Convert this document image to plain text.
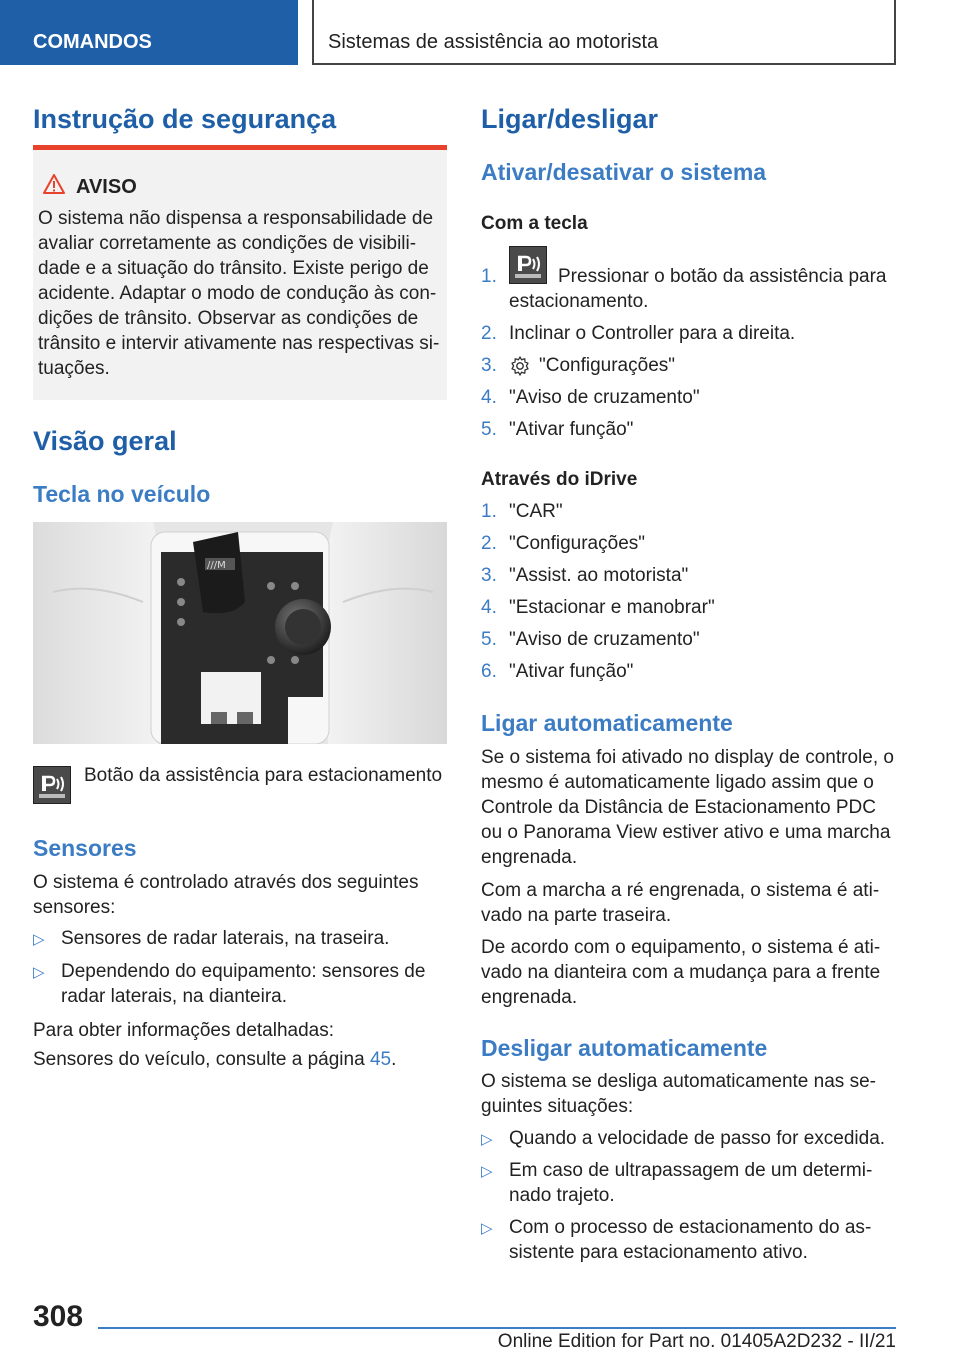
COMANDOS	Sistemas de assistência ao motorista
Instrução de segurança
AVISO
O sistema não dispensa a responsabilidade de avaliar corretamente as condições de visibilidade e a situação do trânsito. Existe perigo de acidente. Adaptar o modo de condução às condições de trânsito. Observar as condições de trânsito e intervir ativamente nas respectivas situações.
Visão geral
Tecla no veículo
///M
Botão da assistência para estacionamento
Sensores
O sistema é controlado através dos seguintes sensores:
▷ Sensores de radar laterais, na traseira.
▷ Dependendo do equipamento: sensores de radar laterais, na dianteira.
Para obter informações detalhadas:
Sensores do veículo, consulte a página 45.
Ligar/desligar
Ativar/desativar o sistema
Com a tecla
1.	Pressionar o botão da assistência para estacionamento.
2. Inclinar o Controller para a direita.
3. "Configurações"
4. "Aviso de cruzamento"
5. "Ativar função"
Através do iDrive
1. "CAR"
2. "Configurações"
3. "Assist. ao motorista"
4. "Estacionar e manobrar"
5. "Aviso de cruzamento"
6. "Ativar função"
Ligar automaticamente
Se o sistema foi ativado no display de controle, o mesmo é automaticamente ligado assim que o Controle da Distância de Estacionamento PDC ou o Panorama View estiver ativo e uma marcha engrenada.
Com a marcha a ré engrenada, o sistema é ativado na parte traseira.
De acordo com o equipamento, o sistema é ativado na dianteira com a mudança para a frente engrenada.
Desligar automaticamente
O sistema se desliga automaticamente nas seguintes situações:
▷ Quando a velocidade de passo for excedida.
▷ Em caso de ultrapassagem de um determinado trajeto.
▷ Com o processo de estacionamento do assistente para estacionamento ativo.
308
Online Edition for Part no. 01405A2D232 - II/21
